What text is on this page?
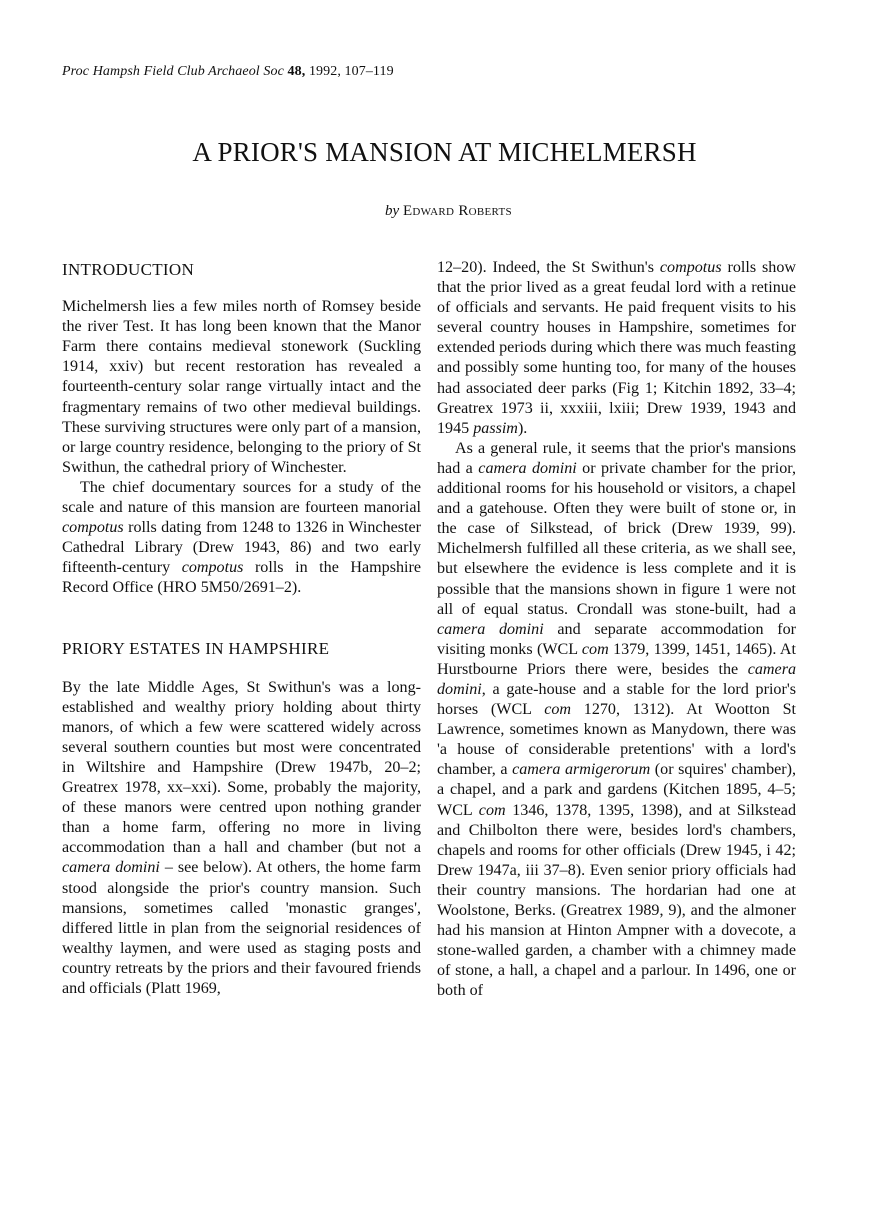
Proc Hampsh Field Club Archaeol Soc 48, 1992, 107–119
A PRIOR'S MANSION AT MICHELMERSH
by Edward Roberts
INTRODUCTION

Michelmersh lies a few miles north of Romsey beside the river Test. It has long been known that the Manor Farm there contains medieval stonework (Suckling 1914, xxiv) but recent restoration has revealed a fourteenth-century solar range virtually intact and the fragmentary remains of two other medieval buildings. These surviving structures were only part of a mansion, or large country residence, belonging to the priory of St Swithun, the cathedral priory of Winchester.

The chief documentary sources for a study of the scale and nature of this mansion are fourteen manorial compotus rolls dating from 1248 to 1326 in Winchester Cathedral Library (Drew 1943, 86) and two early fifteenth-century compotus rolls in the Hampshire Record Office (HRO 5M50/2691–2).

PRIORY ESTATES IN HAMPSHIRE

By the late Middle Ages, St Swithun's was a long-established and wealthy priory holding about thirty manors, of which a few were scattered widely across several southern counties but most were concentrated in Wiltshire and Hampshire (Drew 1947b, 20–2; Greatrex 1978, xx–xxi). Some, probably the majority, of these manors were centred upon nothing grander than a home farm, offering no more in living accommodation than a hall and chamber (but not a camera domini – see below). At others, the home farm stood alongside the prior's country mansion. Such mansions, sometimes called 'monastic granges', differed little in plan from the seignorial residences of wealthy laymen, and were used as staging posts and country retreats by the priors and their favoured friends and officials (Platt 1969,

12–20). Indeed, the St Swithun's compotus rolls show that the prior lived as a great feudal lord with a retinue of officials and servants. He paid frequent visits to his several country houses in Hampshire, sometimes for extended periods during which there was much feasting and possibly some hunting too, for many of the houses had associated deer parks (Fig 1; Kitchin 1892, 33–4; Greatrex 1973 ii, xxxiii, lxiii; Drew 1939, 1943 and 1945 passim).

As a general rule, it seems that the prior's mansions had a camera domini or private chamber for the prior, additional rooms for his household or visitors, a chapel and a gatehouse. Often they were built of stone or, in the case of Silkstead, of brick (Drew 1939, 99). Michelmersh fulfilled all these criteria, as we shall see, but elsewhere the evidence is less complete and it is possible that the mansions shown in figure 1 were not all of equal status. Crondall was stone-built, had a camera domini and separate accommodation for visiting monks (WCL com 1379, 1399, 1451, 1465). At Hurstbourne Priors there were, besides the camera domini, a gate-house and a stable for the lord prior's horses (WCL com 1270, 1312). At Wootton St Lawrence, sometimes known as Manydown, there was 'a house of considerable pretentions' with a lord's chamber, a camera armigerorum (or squires' chamber), a chapel, and a park and gardens (Kitchen 1895, 4–5; WCL com 1346, 1378, 1395, 1398), and at Silkstead and Chilbolton there were, besides lord's chambers, chapels and rooms for other officials (Drew 1945, i 42; Drew 1947a, iii 37–8). Even senior priory officials had their country mansions. The hordarian had one at Woolstone, Berks. (Greatrex 1989, 9), and the almoner had his mansion at Hinton Ampner with a dovecote, a stone-walled garden, a chamber with a chimney made of stone, a hall, a chapel and a parlour. In 1496, one or both of
